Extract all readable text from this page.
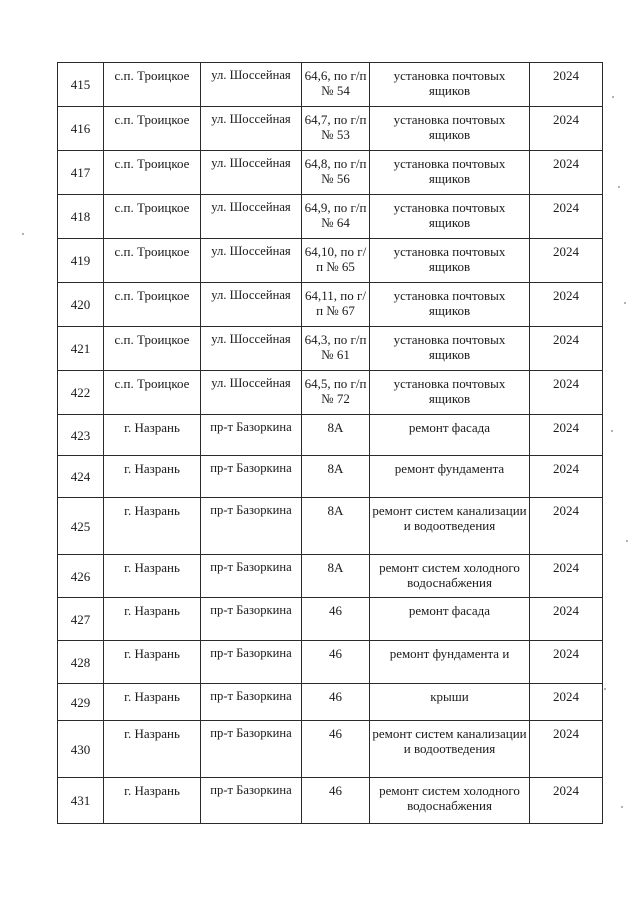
415	с.п. Троицкое	ул. Шоссейная	64,6, по г/п № 54	установка почтовых ящиков	2024
416	с.п. Троицкое	ул. Шоссейная	64,7, по г/п № 53	установка почтовых ящиков	2024
417	с.п. Троицкое	ул. Шоссейная	64,8, по г/п № 56	установка почтовых ящиков	2024
418	с.п. Троицкое	ул. Шоссейная	64,9, по г/п № 64	установка почтовых ящиков	2024
419	с.п. Троицкое	ул. Шоссейная	64,10, по г/п № 65	установка почтовых ящиков	2024
420	с.п. Троицкое	ул. Шоссейная	64,11, по г/п № 67	установка почтовых ящиков	2024
421	с.п. Троицкое	ул. Шоссейная	64,3, по г/п № 61	установка почтовых ящиков	2024
422	с.п. Троицкое	ул. Шоссейная	64,5, по г/п № 72	установка почтовых ящиков	2024
423	г. Назрань	пр-т Базоркина	8А	ремонт фасада	2024
424	г. Назрань	пр-т Базоркина	8А	ремонт фундамента	2024
425	г. Назрань	пр-т Базоркина	8А	ремонт систем канализации и водоотведения	2024
426	г. Назрань	пр-т Базоркина	8А	ремонт систем холодного водоснабжения	2024
427	г. Назрань	пр-т Базоркина	46	ремонт фасада	2024
428	г. Назрань	пр-т Базоркина	46	ремонт фундамента и	2024
429	г. Назрань	пр-т Базоркина	46	крыши	2024
430	г. Назрань	пр-т Базоркина	46	ремонт систем канализации и водоотведения	2024
431	г. Назрань	пр-т Базоркина	46	ремонт систем холодного водоснабжения	2024
